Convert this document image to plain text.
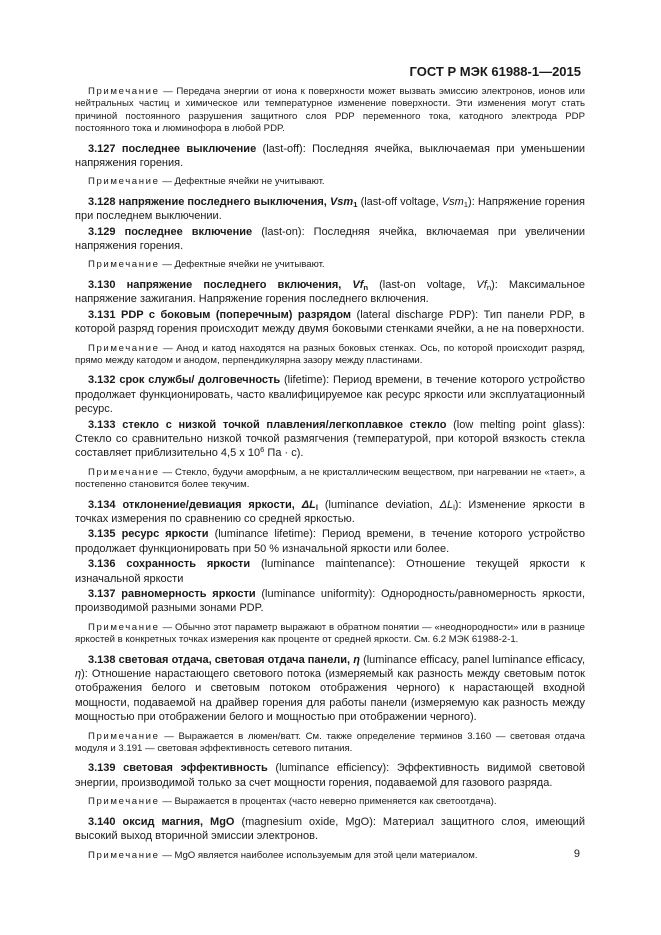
ГОСТ Р МЭК 61988-1—2015

Примечание — Передача энергии от иона к поверхности может вызвать эмиссию электронов, ионов или нейтральных частиц и химическое или температурное изменение поверхности. Эти изменения могут стать причиной постоянного разрушения защитного слоя PDP переменного тока, катодного электрода PDP постоянного тока и люминофора в любой PDP.

3.127 последнее выключение (last-off): Последняя ячейка, выключаемая при уменьшении напряжения горения.

Примечание — Дефектные ячейки не учитывают.

3.128 напряжение последнего выключения, Vsm$_1$ (last-off voltage, Vsm$_1$): Напряжение горения при последнем выключении.

3.129 последнее включение (last-on): Последняя ячейка, включаемая при увеличении напряжения горения.

Примечание — Дефектные ячейки не учитывают.

3.130 напряжение последнего включения, $Vf_n$ (last-on voltage, $Vf_n$): Максимальное напряжение зажигания. Напряжение горения последнего включения.

3.131 PDP с боковым (поперечным) разрядом (lateral discharge PDP): Тип панели PDP, в которой разряд горения происходит между двумя боковыми стенками ячейки, а не на поверхности.

Примечание — Анод и катод находятся на разных боковых стенках. Ось, по которой происходит разряд, прямо между катодом и анодом, перпендикулярна зазору между пластинами.

3.132 срок службы/ долговечность (lifetime): Период времени, в течение которого устройство продолжает функционировать, часто квалифицируемое как ресурс яркости или эксплуатационный ресурс.

3.133 стекло с низкой точкой плавления/легкоплавкое стекло (low melting point glass): Стекло со сравнительно низкой точкой размягчения (температурой, при которой вязкость стекла составляет приблизительно 4,5 х $10^6$ Па · с).

Примечание — Стекло, будучи аморфным, а не кристаллическим веществом, при нагревании не «тает», а постепенно становится более текучим.

3.134 отклонение/девиация яркости, $\Delta L_l$ (luminance deviation, $\Delta L_l$): Изменение яркости в точках измерения по сравнению со средней яркостью.

3.135 ресурс яркости (luminance lifetime): Период времени, в течение которого устройство продолжает функционировать при 50 % изначальной яркости или более.

3.136 сохранность яркости (luminance maintenance): Отношение текущей яркости к изначальной яркости

3.137 равномерность яркости (luminance uniformity): Однородность/равномерность яркости, производимой разными зонами PDP.

Примечание — Обычно этот параметр выражают в обратном понятии — «неоднородности» или в разнице яркостей в конкретных точках измерения как проценте от средней яркости. См. 6.2 МЭК 61988-2-1.

3.138 световая отдача, световая отдача панели, η (luminance efficacy, panel luminance efficacy, η): Отношение нарастающего светового потока (измеряемый как разность между световым поток отображения белого и световым потоком отображения черного) к нарастающей входной мощности, подаваемой на драйвер горения для работы панели (измеряемую как разность между мощностью при отображении белого и мощностью при отображении черного).

Примечание — Выражается в люмен/ватт. См. также определение терминов 3.160 — световая отдача модуля и 3.191 — световая эффективность сетевого питания.

3.139 световая эффективность (luminance efficiency): Эффективность видимой световой энергии, производимой только за счет мощности горения, подаваемой для газового разряда.

Примечание — Выражается в процентах (часто неверно применяется как светоотдача).

3.140 оксид магния, MgO (magnesium oxide, MgO): Материал защитного слоя, имеющий высокий выход вторичной эмиссии электронов.

Примечание — MgO является наиболее используемым для этой цели материалом.	9
